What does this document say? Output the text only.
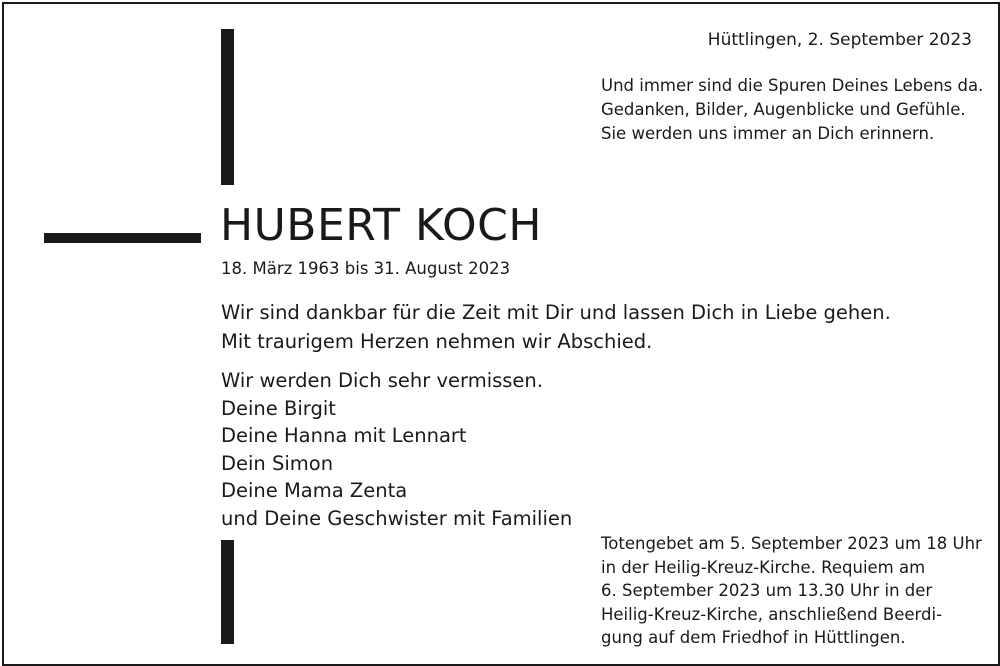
Hüttlingen, 2. September 2023
Und immer sind die Spuren Deines Lebens da.
Gedanken, Bilder, Augenblicke und Gefühle.
Sie werden uns immer an Dich erinnern.
HUBERT KOCH
18. März 1963 bis 31. August 2023
Wir sind dankbar für die Zeit mit Dir und lassen Dich in Liebe gehen.
Mit traurigem Herzen nehmen wir Abschied.
Wir werden Dich sehr vermissen.
Deine Birgit
Deine Hanna mit Lennart
Dein Simon
Deine Mama Zenta
und Deine Geschwister mit Familien
Totengebet am 5. September 2023 um 18 Uhr
in der Heilig-Kreuz-Kirche. Requiem am
6. September 2023 um 13.30 Uhr in der
Heilig-Kreuz-Kirche, anschließend Beerdi-
gung auf dem Friedhof in Hüttlingen.
